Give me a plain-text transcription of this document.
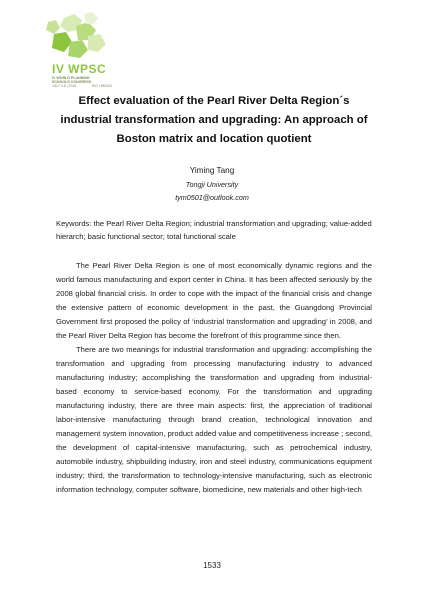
IV WPSC
IV WORLD PLANNING
SCHOOLS CONGRESS
JULY 4-8 | 2016	RIO | BRAZIL
Effect evaluation of the Pearl River Delta Region´s industrial transformation and upgrading: An approach of Boston matrix and location quotient
Yiming Tang
Tongji University
tym0501@outlook.com
Keywords: the Pearl River Delta Region; industrial transformation and upgrading; value-added hierarch; basic functional sector; total functional scale

The Pearl River Delta Region is one of most economically dynamic regions and the world famous manufacturing and export center in China. It has been affected seriously by the 2008 global financial crisis. In order to cope with the impact of the financial crisis and change the extensive pattern of economic development in the past, the Guangdong Provincial Government first proposed the policy of ‘industrial transformation and upgrading’ in 2008, and the Pearl River Delta Region has become the forefront of this programme since then.

There are two meanings for industrial transformation and upgrading: accomplishing the transformation and upgrading from processing manufacturing industry to advanced manufacturing industry; accomplishing the transformation and upgrading from industrial-based economy to service-based economy. For the transformation and upgrading manufacturing industry, there are three main aspects: first, the appreciation of traditional labor-intensive manufacturing through brand creation, technological innovation and management system innovation, product added value and competitiveness increase ; second, the development of capital-intensive manufacturing, such as petrochemical industry, automobile industry, shipbuilding industry, iron and steel industry, communications equipment industry; third, the transformation to technology-intensive manufacturing, such as electronic information technology, computer software, biomedicine, new materials and other high-tech

1533
